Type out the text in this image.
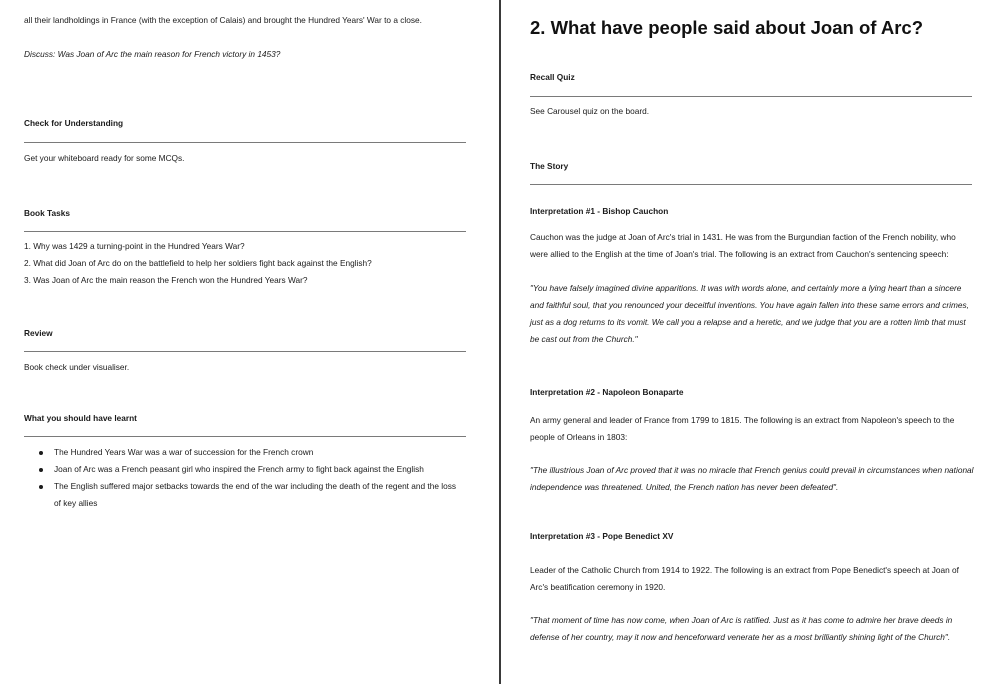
all their landholdings in France (with the exception of Calais) and brought the Hundred Years' War to a close.

Discuss: Was Joan of Arc the main reason for French victory in 1453?

Check for Understanding

Get your whiteboard ready for some MCQs.

Book Tasks

1. Why was 1429 a turning-point in the Hundred Years War?
2. What did Joan of Arc do on the battlefield to help her soldiers fight back against the English?
3. Was Joan of Arc the main reason the French won the Hundred Years War?

Review

Book check under visualiser.

What you should have learnt

The Hundred Years War was a war of succession for the French crown
Joan of Arc was a French peasant girl who inspired the French army to fight back against the English
The English suffered major setbacks towards the end of the war including the death of the regent and the loss of key allies
2. What have people said about Joan of Arc?

Recall Quiz

See Carousel quiz on the board.

The Story

Interpretation #1 - Bishop Cauchon

Cauchon was the judge at Joan of Arc's trial in 1431. He was from the Burgundian faction of the French nobility, who were allied to the English at the time of Joan's trial. The following is an extract from Cauchon's sentencing speech:

"You have falsely imagined divine apparitions. It was with words alone, and certainly more a lying heart than a sincere and faithful soul, that you renounced your deceitful inventions. You have again fallen into these same errors and crimes, just as a dog returns to its vomit. We call you a relapse and a heretic, and we judge that you are a rotten limb that must be cast out from the Church."

Interpretation #2 - Napoleon Bonaparte

An army general and leader of France from 1799 to 1815. The following is an extract from Napoleon's speech to the people of Orleans in 1803:

"The illustrious Joan of Arc proved that it was no miracle that French genius could prevail in circumstances when national independence was threatened. United, the French nation has never been defeated".

Interpretation #3 - Pope Benedict XV

Leader of the Catholic Church from 1914 to 1922. The following is an extract from Pope Benedict's speech at Joan of Arc's beatification ceremony in 1920.

"That moment of time has now come, when Joan of Arc is ratified. Just as it has come to admire her brave deeds in defense of her country, may it now and henceforward venerate her as a most brilliantly shining light of the Church".
